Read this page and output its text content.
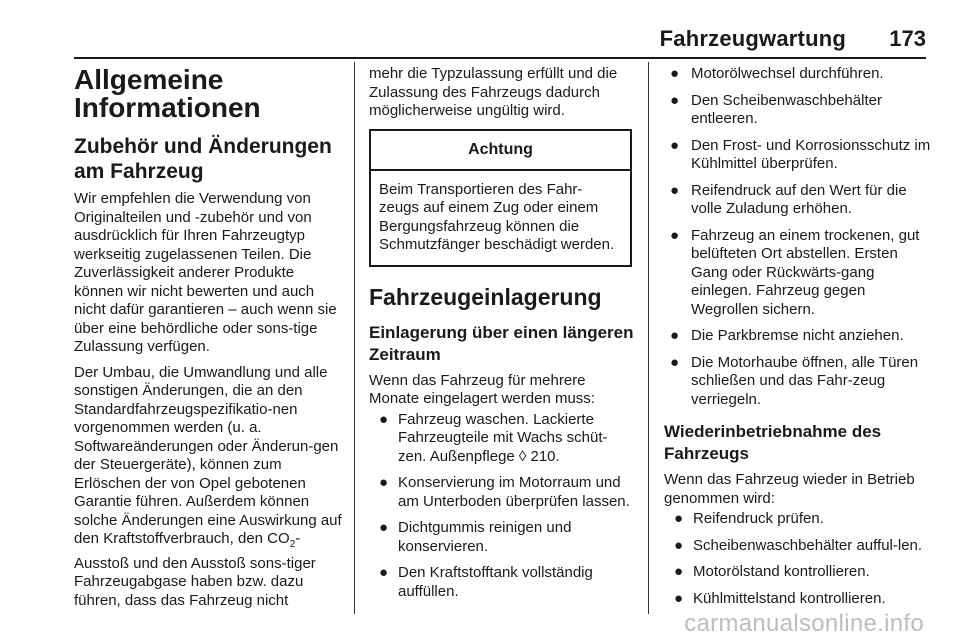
Fahrzeugwartung 173
Allgemeine Informationen
Zubehör und Änderungen am Fahrzeug

Wir empfehlen die Verwendung von Originalteilen und -zubehör und von ausdrücklich für Ihren Fahrzeugtyp werkseitig zugelassenen Teilen. Die Zuverlässigkeit anderer Produkte können wir nicht bewerten und auch nicht dafür garantieren – auch wenn sie über eine behördliche oder sons-tige Zulassung verfügen.

Der Umbau, die Umwandlung und alle sonstigen Änderungen, die an den Standardfahrzeugspezifikatio-nen vorgenommen werden (u. a. Softwareänderungen oder Änderun-gen der Steuergeräte), können zum Erlöschen der von Opel gebotenen Garantie führen. Außerdem können solche Änderungen eine Auswirkung auf den Kraftstoffverbrauch, den $CO_2$-Ausstoß und den Ausstoß sons-tiger Fahrzeugabgase haben bzw. dazu führen, dass das Fahrzeug nicht

mehr die Typzulassung erfüllt und die Zulassung des Fahrzeugs dadurch möglicherweise ungültig wird.

Achtung
Beim Transportieren des Fahr-zeugs auf einem Zug oder einem Bergungsfahrzeug können die Schmutzfänger beschädigt werden.
Fahrzeugeinlagerung
Einlagerung über einen längeren Zeitraum

Wenn das Fahrzeug für mehrere Monate eingelagert werden muss:

● Fahrzeug waschen. Lackierte Fahrzeugteile mit Wachs schüt-zen. Außenpflege ◊ 210.
● Konservierung im Motorraum und am Unterboden überprüfen lassen.
● Dichtgummis reinigen und konservieren.
● Den Kraftstofftank vollständig auffüllen.
● Motorölwechsel durchführen.
● Den Scheibenwaschbehälter entleeren.
● Den Frost- und Korrosionsschutz im Kühlmittel überprüfen.
● Reifendruck auf den Wert für die volle Zuladung erhöhen.
● Fahrzeug an einem trockenen, gut belüfteten Ort abstellen. Ersten Gang oder Rückwärts-gang einlegen. Fahrzeug gegen Wegrollen sichern.
● Die Parkbremse nicht anziehen.
● Die Motorhaube öffnen, alle Türen schließen und das Fahr-zeug verriegeln.
Wiederinbetriebnahme des Fahrzeugs

Wenn das Fahrzeug wieder in Betrieb genommen wird:

● Reifendruck prüfen.
● Scheibenwaschbehälter aufful-len.
● Motorölstand kontrollieren.
● Kühlmittelstand kontrollieren.
carmanualsonline.info
